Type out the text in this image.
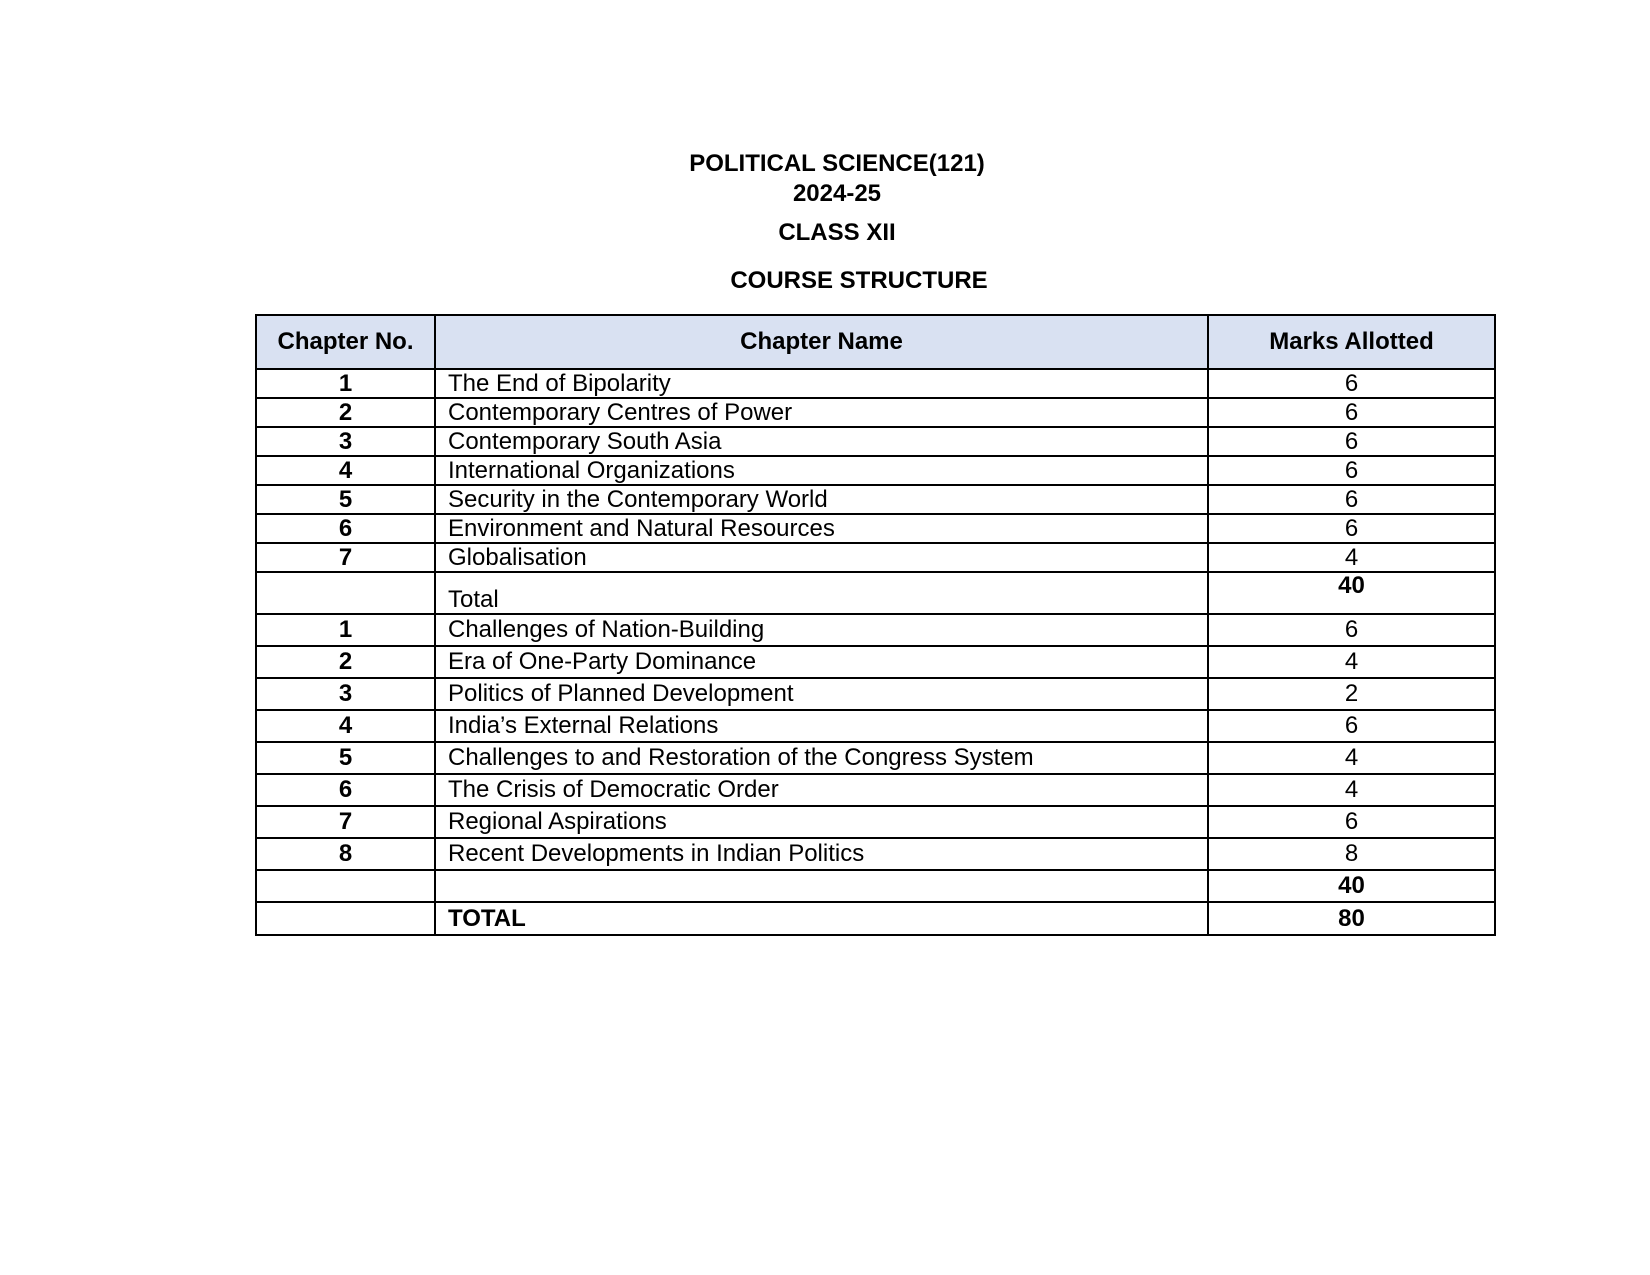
POLITICAL SCIENCE(121)
2024-25
CLASS XII
COURSE STRUCTURE
Chapter No.	Chapter Name	Marks Allotted
1	The End of Bipolarity	6
2	Contemporary Centres of Power	6
3	Contemporary South Asia	6
4	International Organizations	6
5	Security in the Contemporary World	6
6	Environment and Natural Resources	6
7	Globalisation	4
	Total	40
1	Challenges of Nation-Building	6
2	Era of One-Party Dominance	4
3	Politics of Planned Development	2
4	India’s External Relations	6
5	Challenges to and Restoration of the Congress System	4
6	The Crisis of Democratic Order	4
7	Regional Aspirations	6
8	Recent Developments in Indian Politics	8
		40
	TOTAL	80
